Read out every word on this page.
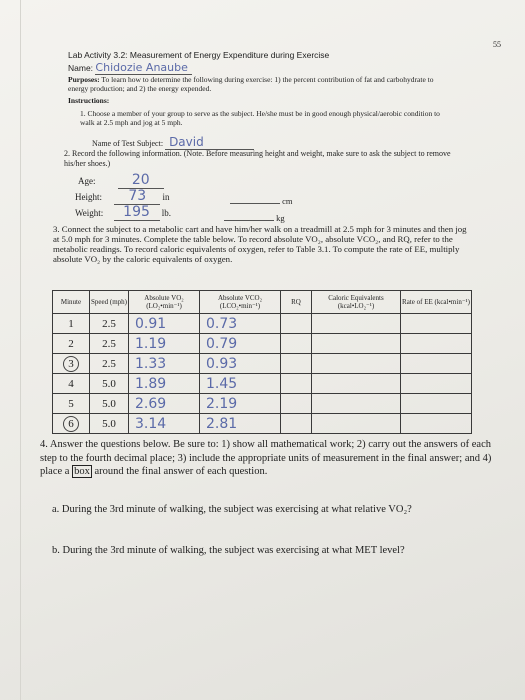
55
Lab Activity 3.2: Measurement of Energy Expenditure during Exercise
Name: Chidozie Anaube
Purposes: To learn how to determine the following during exercise: 1) the percent contribution of fat and carbohydrate to energy production; and 2) the energy expended.
Instructions:
1. Choose a member of your group to serve as the subject. He/she must be in good enough physical/aerobic condition to walk at 2.5 mph and jog at 5 mph.
Name of Test Subject: David
2. Record the following information. (Note. Before measuring height and weight, make sure to ask the subject to remove his/her shoes.)
Age:	20
Height: 73 in	cm
Weight: 195 lb.	kg
3. Connect the subject to a metabolic cart and have him/her walk on a treadmill at 2.5 mph for 3 minutes and then jog at 5.0 mph for 3 minutes. Complete the table below. To record absolute VO₂, absolute VCO₂, and RQ, refer to the metabolic readings. To record caloric equivalents of oxygen, refer to Table 3.1. To compute the rate of EE, multiply absolute VO₂ by the caloric equivalents of oxygen.
Minute	Speed (mph)	Absolute VO₂ (LO₂•min⁻¹)	Absolute VCO₂ (LCO₂•min⁻¹)	RQ	Caloric Equivalents (kcal•LO₂⁻¹)	Rate of EE (kcal•min⁻¹)
1	2.5	0.91	0.73			
2	2.5	1.19	0.79			
3	2.5	1.33	0.93			
4	5.0	1.89	1.45			
5	5.0	2.69	2.19			
6	5.0	3.14	2.81			
4. Answer the questions below. Be sure to: 1) show all mathematical work; 2) carry out the answers of each step to the fourth decimal place; 3) include the appropriate units of measurement in the final answer; and 4) place a box around the final answer of each question.
a. During the 3rd minute of walking, the subject was exercising at what relative VO₂?
b. During the 3rd minute of walking, the subject was exercising at what MET level?
